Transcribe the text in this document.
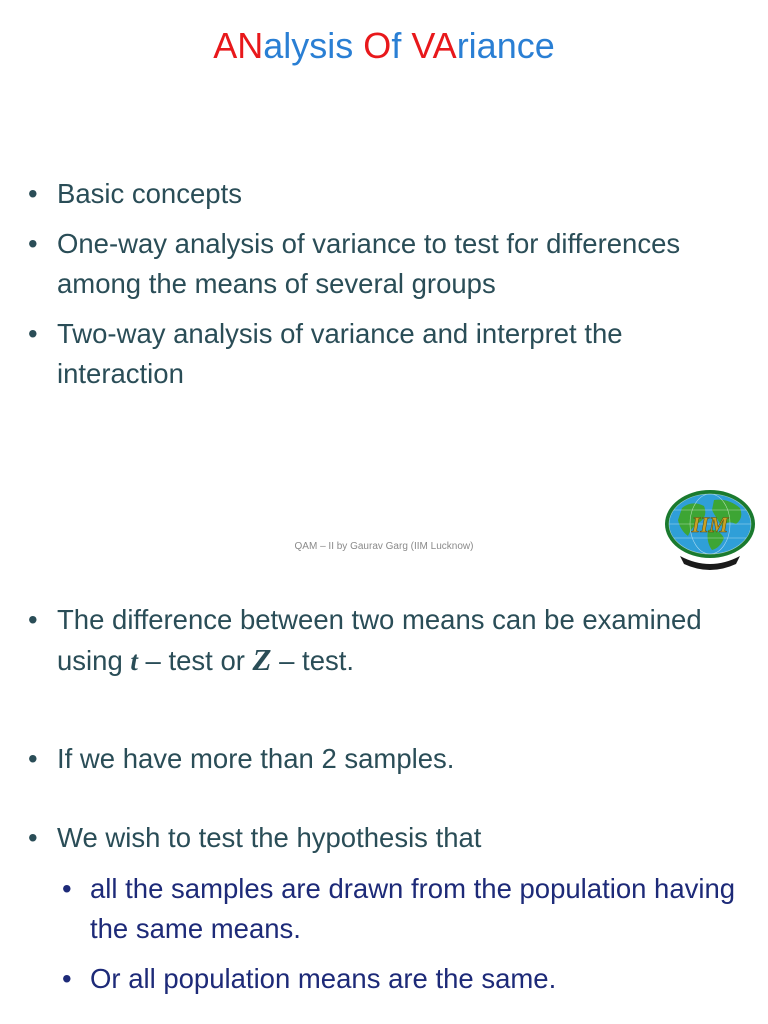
ANalysis Of VAriance
• Basic concepts
• One-way analysis of variance to test for differences among the means of several groups
• Two-way analysis of variance and interpret the interaction
QAM – II by Gaurav Garg (IIM Lucknow)
IIM
• The difference between two means can be examined using t – test or Z – test.
• If we have more than 2 samples.
• We wish to test the hypothesis that
• all the samples are drawn from the population having the same means.
• Or all population means are the same.
